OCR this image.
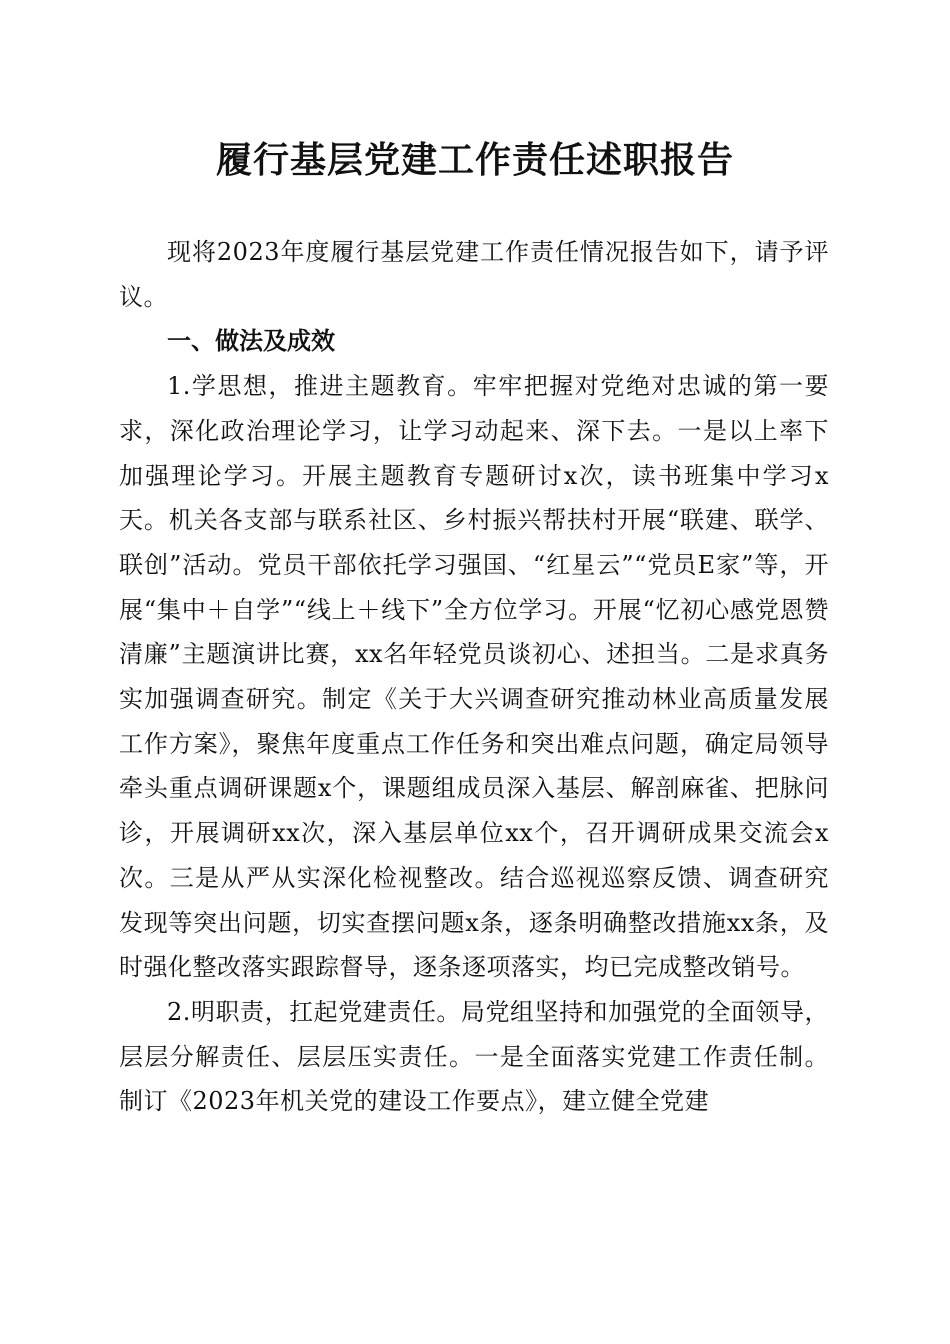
履行基层党建工作责任述职报告

现将2023年度履行基层党建工作责任情况报告如下，请予评议。

一、做法及成效

1.学思想，推进主题教育。牢牢把握对党绝对忠诚的第一要求，深化政治理论学习，让学习动起来、深下去。一是以上率下加强理论学习。开展主题教育专题研讨x次，读书班集中学习x天。机关各支部与联系社区、乡村振兴帮扶村开展“联建、联学、联创”活动。党员干部依托学习强国、“红星云”“党员E家”等，开展“集中＋自学”“线上＋线下”全方位学习。开展“忆初心感党恩赞清廉”主题演讲比赛，xx名年轻党员谈初心、述担当。二是求真务实加强调查研究。制定《关于大兴调查研究推动林业高质量发展工作方案》，聚焦年度重点工作任务和突出难点问题，确定局领导牵头重点调研课题x个，课题组成员深入基层、解剖麻雀、把脉问诊，开展调研xx次，深入基层单位xx个，召开调研成果交流会x次。三是从严从实深化检视整改。结合巡视巡察反馈、调查研究发现等突出问题，切实查摆问题x条，逐条明确整改措施xx条，及时强化整改落实跟踪督导，逐条逐项落实，均已完成整改销号。

2.明职责，扛起党建责任。局党组坚持和加强党的全面领导，层层分解责任、层层压实责任。一是全面落实党建工作责任制。制订《2023年机关党的建设工作要点》，建立健全党建
